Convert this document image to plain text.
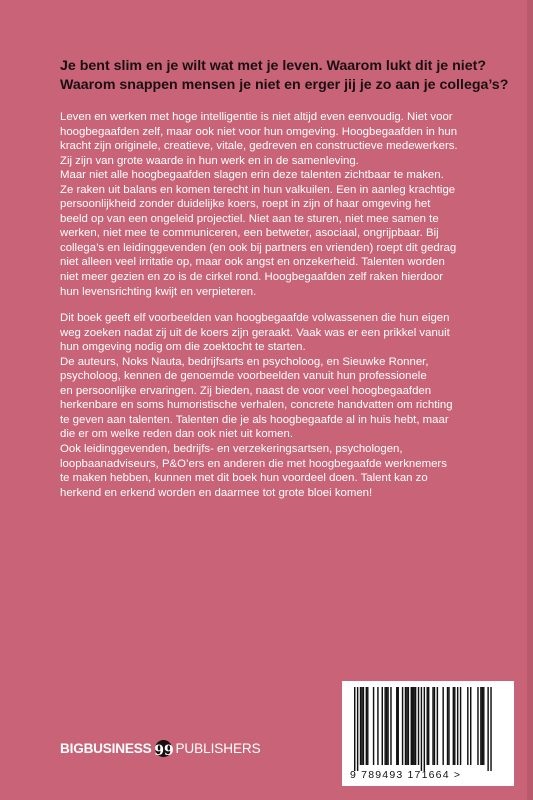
Je bent slim en je wilt wat met je leven. Waarom lukt dit je niet?
Waarom snappen mensen je niet en erger jij je zo aan je collega’s?
Leven en werken met hoge intelligentie is niet altijd even eenvoudig. Niet voor
hoogbegaafden zelf, maar ook niet voor hun omgeving. Hoogbegaafden in hun
kracht zijn originele, creatieve, vitale, gedreven en constructieve medewerkers.
Zij zijn van grote waarde in hun werk en in de samenleving.
Maar niet alle hoogbegaafden slagen erin deze talenten zichtbaar te maken.
Ze raken uit balans en komen terecht in hun valkuilen. Een in aanleg krachtige
persoonlijkheid zonder duidelijke koers, roept in zijn of haar omgeving het
beeld op van een ongeleid projectiel. Niet aan te sturen, niet mee samen te
werken, niet mee te communiceren, een betweter, asociaal, ongrijpbaar. Bij
collega’s en leidinggevenden (en ook bij partners en vrienden) roept dit gedrag
niet alleen veel irritatie op, maar ook angst en onzekerheid. Talenten worden
niet meer gezien en zo is de cirkel rond. Hoogbegaafden zelf raken hierdoor
hun levensrichting kwijt en verpieteren.
Dit boek geeft elf voorbeelden van hoogbegaafde volwassenen die hun eigen
weg zoeken nadat zij uit de koers zijn geraakt. Vaak was er een prikkel vanuit
hun omgeving nodig om die zoektocht te starten.
De auteurs, Noks Nauta, bedrijfsarts en psycholoog, en Sieuwke Ronner,
psycholoog, kennen de genoemde voorbeelden vanuit hun professionele
en persoonlijke ervaringen. Zij bieden, naast de voor veel hoogbegaafden
herkenbare en soms humoristische verhalen, concrete handvatten om richting
te geven aan talenten. Talenten die je als hoogbegaafde al in huis hebt, maar
die er om welke reden dan ook niet uit komen.
Ook leidinggevenden, bedrijfs- en verzekeringsartsen, psychologen,
loopbaanadviseurs, P&O’ers en anderen die met hoogbegaafde werknemers
te maken hebben, kunnen met dit boek hun voordeel doen. Talent kan zo
herkend en erkend worden en daarmee tot grote bloei komen!
BIGBUSINESS 99 PUBLISHERS
9 789493 171664 >
